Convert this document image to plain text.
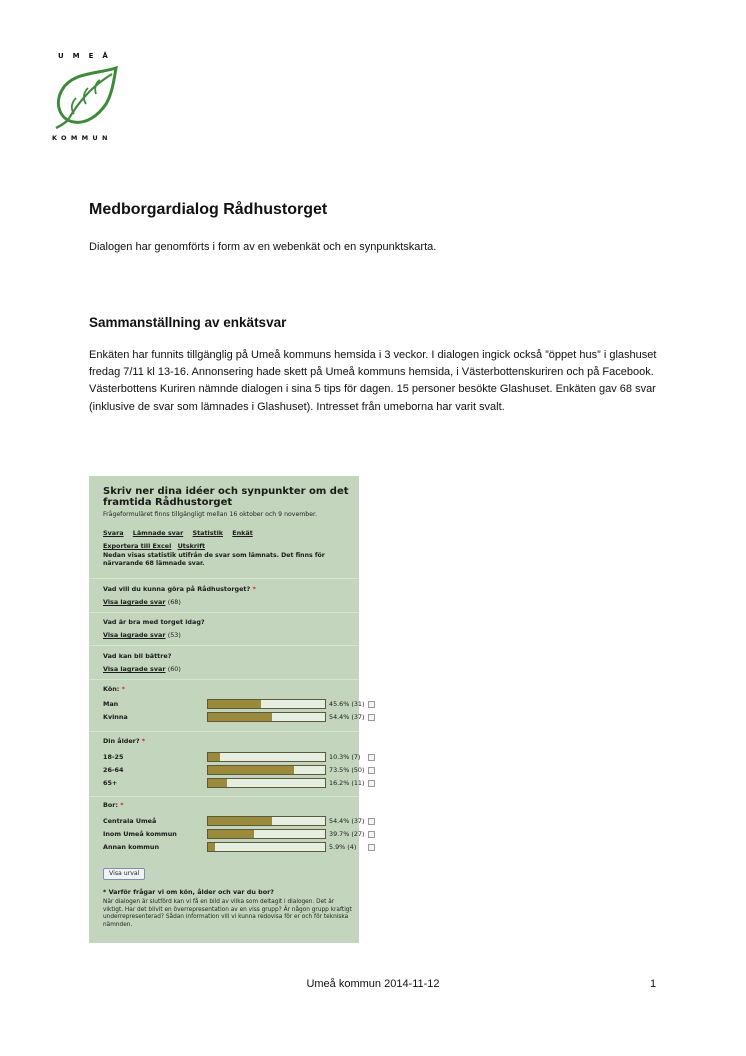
UMEÅ
KOMMUN
Medborgardialog Rådhustorget
Dialogen har genomförts i form av en webenkät och en synpunktskarta.
Sammanställning av enkätsvar
Enkäten har funnits tillgänglig på Umeå kommuns hemsida i 3 veckor. I dialogen ingick också ”öppet hus” i glashuset fredag 7/11 kl 13-16. Annonsering hade skett på Umeå kommuns hemsida, i Västerbottenskuriren och på Facebook. Västerbottens Kuriren nämnde dialogen i sina 5 tips för dagen. 15 personer besökte Glashuset. Enkäten gav 68 svar (inklusive de svar som lämnades i Glashuset). Intresset från umeborna har varit svalt.
Skriv ner dina idéer och synpunkter om det framtida Rådhustorget
Frågeformuläret finns tillgängligt mellan 16 oktober och 9 november.
Svara Lämnade svar Statistik Enkät
Exportera till Excel Utskrift
Nedan visas statistik utifrån de svar som lämnats. Det finns för närvarande 68 lämnade svar.
Vad vill du kunna göra på Rådhustorget? *
Visa lagrade svar (68)
Vad är bra med torget idag?
Visa lagrade svar (53)
Vad kan bli bättre?
Visa lagrade svar (60)
Kön: *
Man	45.6% (31)
Kvinna	54.4% (37)
Din ålder? *
18-25	10.3% (7)
26-64	73.5% (50)
65+	16.2% (11)
Bor: *
Centrala Umeå	54.4% (37)
Inom Umeå kommun	39.7% (27)
Annan kommun	5.9% (4)
Visa urval
* Varför frågar vi om kön, ålder och var du bor?
När dialogen är slutförd kan vi få en bild av vilka som deltagit i dialogen. Det är viktigt. Har det blivit en överrepresentation av en viss grupp? Är någon grupp kraftigt underrepresenterad? Sådan information vill vi kunna redovisa för er och för tekniska nämnden.
Umeå kommun 2014-11-12	1
